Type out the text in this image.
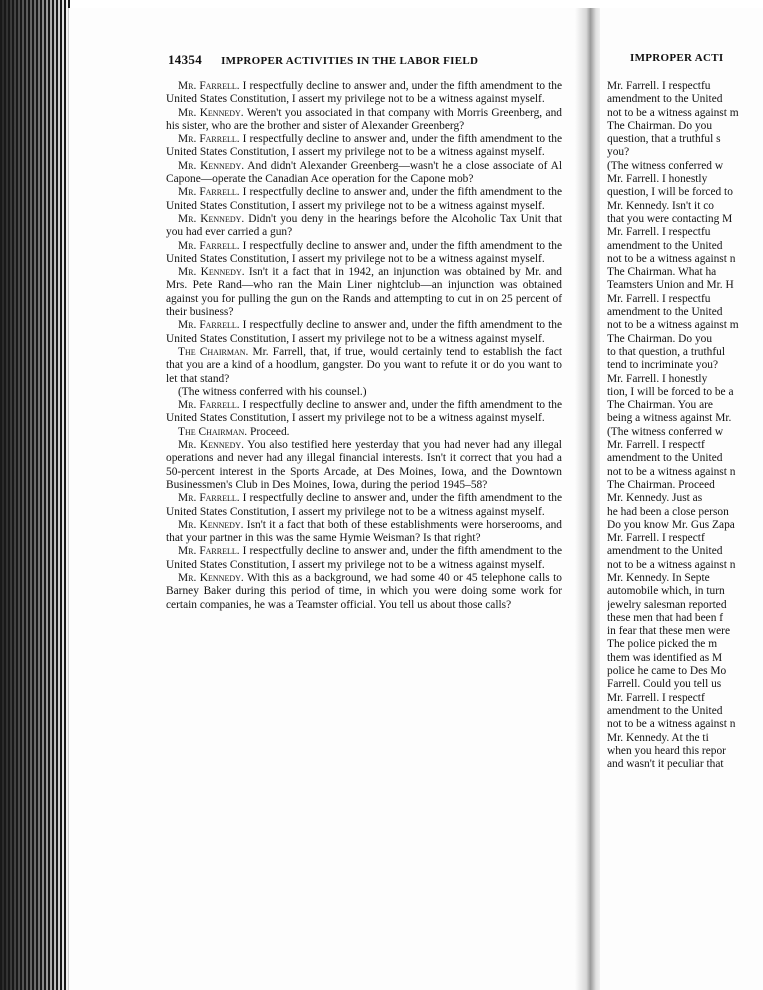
14354 IMPROPER ACTIVITIES IN THE LABOR FIELD

Mr. Farrell. I respectfully decline to answer and, under the fifth amendment to the United States Constitution, I assert my privilege not to be a witness against myself.

Mr. Kennedy. Weren't you associated in that company with Morris Greenberg, and his sister, who are the brother and sister of Alexander Greenberg?

Mr. Farrell. I respectfully decline to answer and, under the fifth amendment to the United States Constitution, I assert my privilege not to be a witness against myself.

Mr. Kennedy. And didn't Alexander Greenberg—wasn't he a close associate of Al Capone—operate the Canadian Ace operation for the Capone mob?

Mr. Farrell. I respectfully decline to answer and, under the fifth amendment to the United States Constitution, I assert my privilege not to be a witness against myself.

Mr. Kennedy. Didn't you deny in the hearings before the Alcoholic Tax Unit that you had ever carried a gun?

Mr. Farrell. I respectfully decline to answer and, under the fifth amendment to the United States Constitution, I assert my privilege not to be a witness against myself.

Mr. Kennedy. Isn't it a fact that in 1942, an injunction was obtained by Mr. and Mrs. Pete Rand—who ran the Main Liner nightclub—an injunction was obtained against you for pulling the gun on the Rands and attempting to cut in on 25 percent of their business?

Mr. Farrell. I respectfully decline to answer and, under the fifth amendment to the United States Constitution, I assert my privilege not to be a witness against myself.

The Chairman. Mr. Farrell, that, if true, would certainly tend to establish the fact that you are a kind of a hoodlum, gangster. Do you want to refute it or do you want to let that stand?

(The witness conferred with his counsel.)

Mr. Farrell. I respectfully decline to answer and, under the fifth amendment to the United States Constitution, I assert my privilege not to be a witness against myself.

The Chairman. Proceed.

Mr. Kennedy. You also testified here yesterday that you had never had any illegal operations and never had any illegal financial interests. Isn't it correct that you had a 50-percent interest in the Sports Arcade, at Des Moines, Iowa, and the Downtown Businessmen's Club in Des Moines, Iowa, during the period 1945–58?

Mr. Farrell. I respectfully decline to answer and, under the fifth amendment to the United States Constitution, I assert my privilege not to be a witness against myself.

Mr. Kennedy. Isn't it a fact that both of these establishments were horserooms, and that your partner in this was the same Hymie Weisman? Is that right?

Mr. Farrell. I respectfully decline to answer and, under the fifth amendment to the United States Constitution, I assert my privilege not to be a witness against myself.

Mr. Kennedy. With this as a background, we had some 40 or 45 telephone calls to Barney Baker during this period of time, in which you were doing some work for certain companies, he was a Teamster official. You tell us about those calls?

IMPROPER ACTI
Mr. Farrell. I respectfu
amendment to the United
not to be a witness against m
The Chairman. Do you
question, that a truthful s
you?
(The witness conferred w
Mr. Farrell. I honestly
question, I will be forced to
Mr. Kennedy. Isn't it co
that you were contacting M
Mr. Farrell. I respectfu
amendment to the United
not to be a witness against n
The Chairman. What ha
Teamsters Union and Mr. H
Mr. Farrell. I respectfu
amendment to the United
not to be a witness against m
The Chairman. Do you
to that question, a truthful
tend to incriminate you?
Mr. Farrell. I honestly
tion, I will be forced to be a
The Chairman. You are
being a witness against Mr.
(The witness conferred w
Mr. Farrell. I respectf
amendment to the United
not to be a witness against n
The Chairman. Proceed
Mr. Kennedy. Just as
he had been a close person
Do you know Mr. Gus Zapa
Mr. Farrell. I respectf
amendment to the United
not to be a witness against n
Mr. Kennedy. In Septe
automobile which, in turn
jewelry salesman reported
these men that had been f
in fear that these men were
The police picked the m
them was identified as M
police he came to Des Mo
Farrell. Could you tell us
Mr. Farrell. I respectf
amendment to the United
not to be a witness against n
Mr. Kennedy. At the ti
when you heard this repor
and wasn't it peculiar that
